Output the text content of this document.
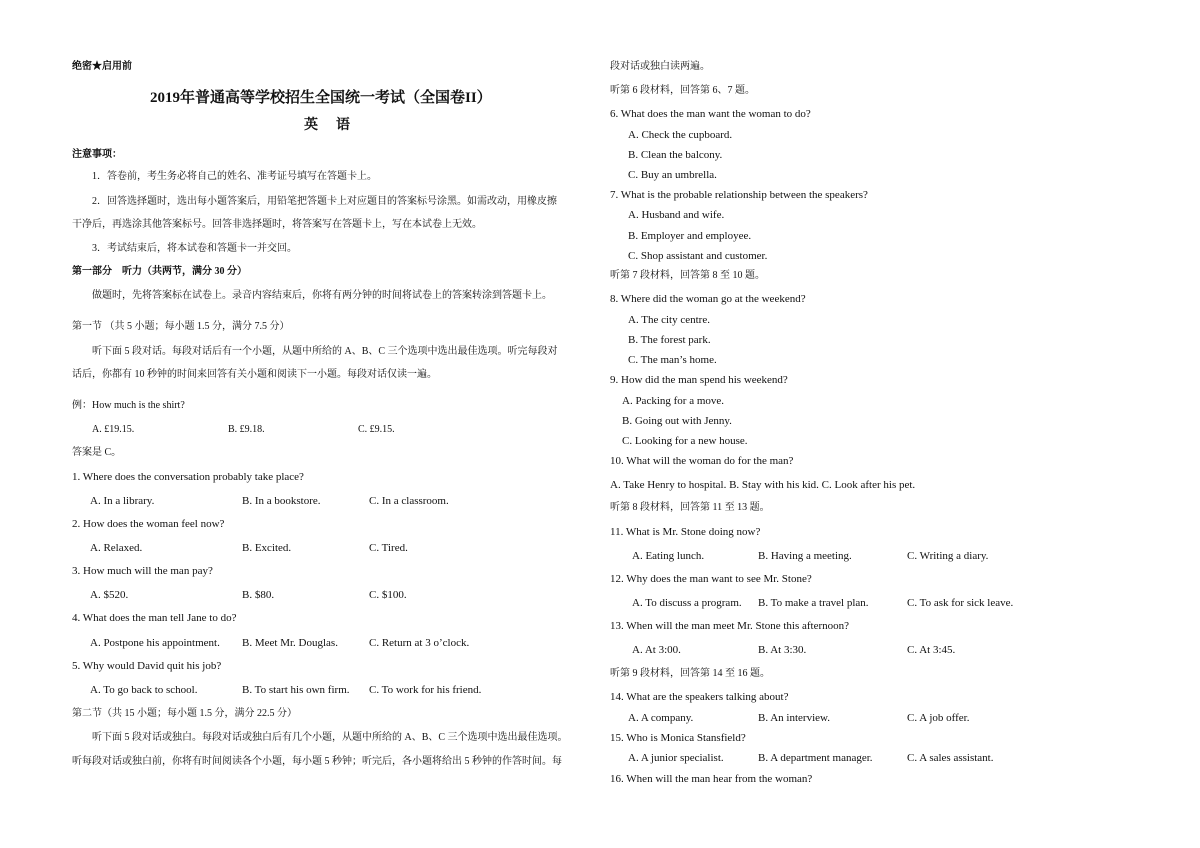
绝密★启用前
2019年普通高等学校招生全国统一考试（全国卷II）
英语
注意事项：
1．答卷前，考生务必将自己的姓名、准考证号填写在答题卡上。
2．回答选择题时，选出每小题答案后，用铅笔把答题卡上对应题目的答案标号涂黑。如需改动，用橡皮擦
干净后，再选涂其他答案标号。回答非选择题时，将答案写在答题卡上，写在本试卷上无效。
3．考试结束后，将本试卷和答题卡一并交回。
第一部分　听力（共两节，满分 30 分）
做题时，先将答案标在试卷上。录音内容结束后，你将有两分钟的时间将试卷上的答案转涂到答题卡上。
第一节 （共 5 小题；每小题 1.5 分，满分 7.5 分）
听下面 5 段对话。每段对话后有一个小题，从题中所给的 A、B、C 三个选项中选出最佳选项。听完每段对
话后，你都有 10 秒钟的时间来回答有关小题和阅读下一小题。每段对话仅读一遍。
例：How much is the shirt?
A. £19.15.	B. £9.18.	C. £9.15.
答案是 C。
1. Where does the conversation probably take place?
A. In a library.	B. In a bookstore.	C. In a classroom.
2. How does the woman feel now?
A. Relaxed.	B. Excited.	C. Tired.
3. How much will the man pay?
A. $520.	B. $80.	C. $100.
4. What does the man tell Jane to do?
A. Postpone his appointment. B. Meet Mr. Douglas.	C. Return at 3 o’clock.
5. Why would David quit his job?
A. To go back to school.	B. To start his own firm. C. To work for his friend.
第二节（共 15 小题；每小题 1.5 分，满分 22.5 分）
听下面 5 段对话或独白。每段对话或独白后有几个小题，从题中所给的 A、B、C 三个选项中选出最佳选项。
听每段对话或独白前，你将有时间阅读各个小题，每小题 5 秒钟；听完后，各小题将给出 5 秒钟的作答时间。每
段对话或独白读两遍。
听第 6 段材料，回答第 6、7 题。
6. What does the man want the woman to do?
A. Check the cupboard.
B. Clean the balcony.
C. Buy an umbrella.
7. What is the probable relationship between the speakers?
A. Husband and wife.
B. Employer and employee.
C. Shop assistant and customer.
听第 7 段材料，回答第 8 至 10 题。
8. Where did the woman go at the weekend?
A. The city centre.
B. The forest park.
C. The man’s home.
9. How did the man spend his weekend?
A. Packing for a move.
B. Going out with Jenny.
C. Looking for a new house.
10. What will the woman do for the man?
A. Take Henry to hospital. B. Stay with his kid. C. Look after his pet.
听第 8 段材料，回答第 11 至 13 题。
11. What is Mr. Stone doing now?
A. Eating lunch.	B. Having a meeting.	C. Writing a diary.
12. Why does the man want to see Mr. Stone?
A. To discuss a program. B. To make a travel plan.	C. To ask for sick leave.
13. When will the man meet Mr. Stone this afternoon?
A. At 3:00.	B. At 3:30.	C. At 3:45.
听第 9 段材料，回答第 14 至 16 题。
14. What are the speakers talking about?
A. A company.	B. An interview.	C. A job offer.
15. Who is Monica Stansfield?
A. A junior specialist.	B. A department manager.	C. A sales assistant.
16. When will the man hear from the woman?
